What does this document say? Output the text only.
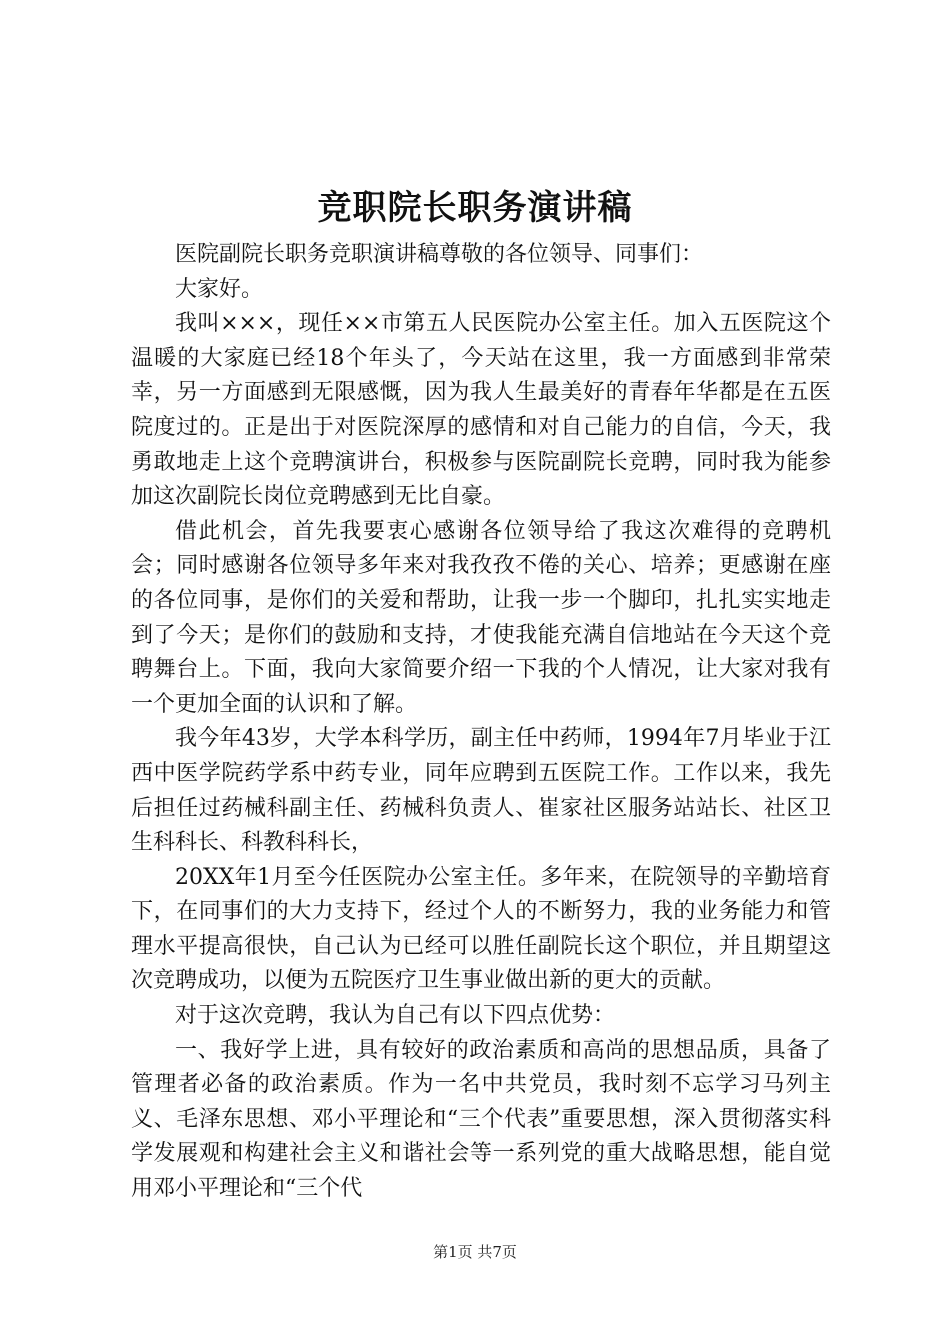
竞职院长职务演讲稿

医院副院长职务竞职演讲稿尊敬的各位领导、同事们：

大家好。

我叫×××，现任××市第五人民医院办公室主任。加入五医院这个温暖的大家庭已经18个年头了，今天站在这里，我一方面感到非常荣幸，另一方面感到无限感慨，因为我人生最美好的青春年华都是在五医院度过的。正是出于对医院深厚的感情和对自己能力的自信，今天，我勇敢地走上这个竞聘演讲台，积极参与医院副院长竞聘，同时我为能参加这次副院长岗位竞聘感到无比自豪。

借此机会，首先我要衷心感谢各位领导给了我这次难得的竞聘机会；同时感谢各位领导多年来对我孜孜不倦的关心、培养；更感谢在座的各位同事，是你们的关爱和帮助，让我一步一个脚印，扎扎实实地走到了今天；是你们的鼓励和支持，才使我能充满自信地站在今天这个竞聘舞台上。下面，我向大家简要介绍一下我的个人情况，让大家对我有一个更加全面的认识和了解。

我今年43岁，大学本科学历，副主任中药师，1994年7月毕业于江西中医学院药学系中药专业，同年应聘到五医院工作。工作以来，我先后担任过药械科副主任、药械科负责人、崔家社区服务站站长、社区卫生科科长、科教科科长，

20XX年1月至今任医院办公室主任。多年来，在院领导的辛勤培育下，在同事们的大力支持下，经过个人的不断努力，我的业务能力和管理水平提高很快，自己认为已经可以胜任副院长这个职位，并且期望这次竞聘成功，以便为五院医疗卫生事业做出新的更大的贡献。

对于这次竞聘，我认为自己有以下四点优势：

一、我好学上进，具有较好的政治素质和高尚的思想品质，具备了管理者必备的政治素质。作为一名中共党员，我时刻不忘学习马列主义、毛泽东思想、邓小平理论和“三个代表”重要思想，深入贯彻落实科学发展观和构建社会主义和谐社会等一系列党的重大战略思想，能自觉用邓小平理论和“三个代

第1页 共7页
